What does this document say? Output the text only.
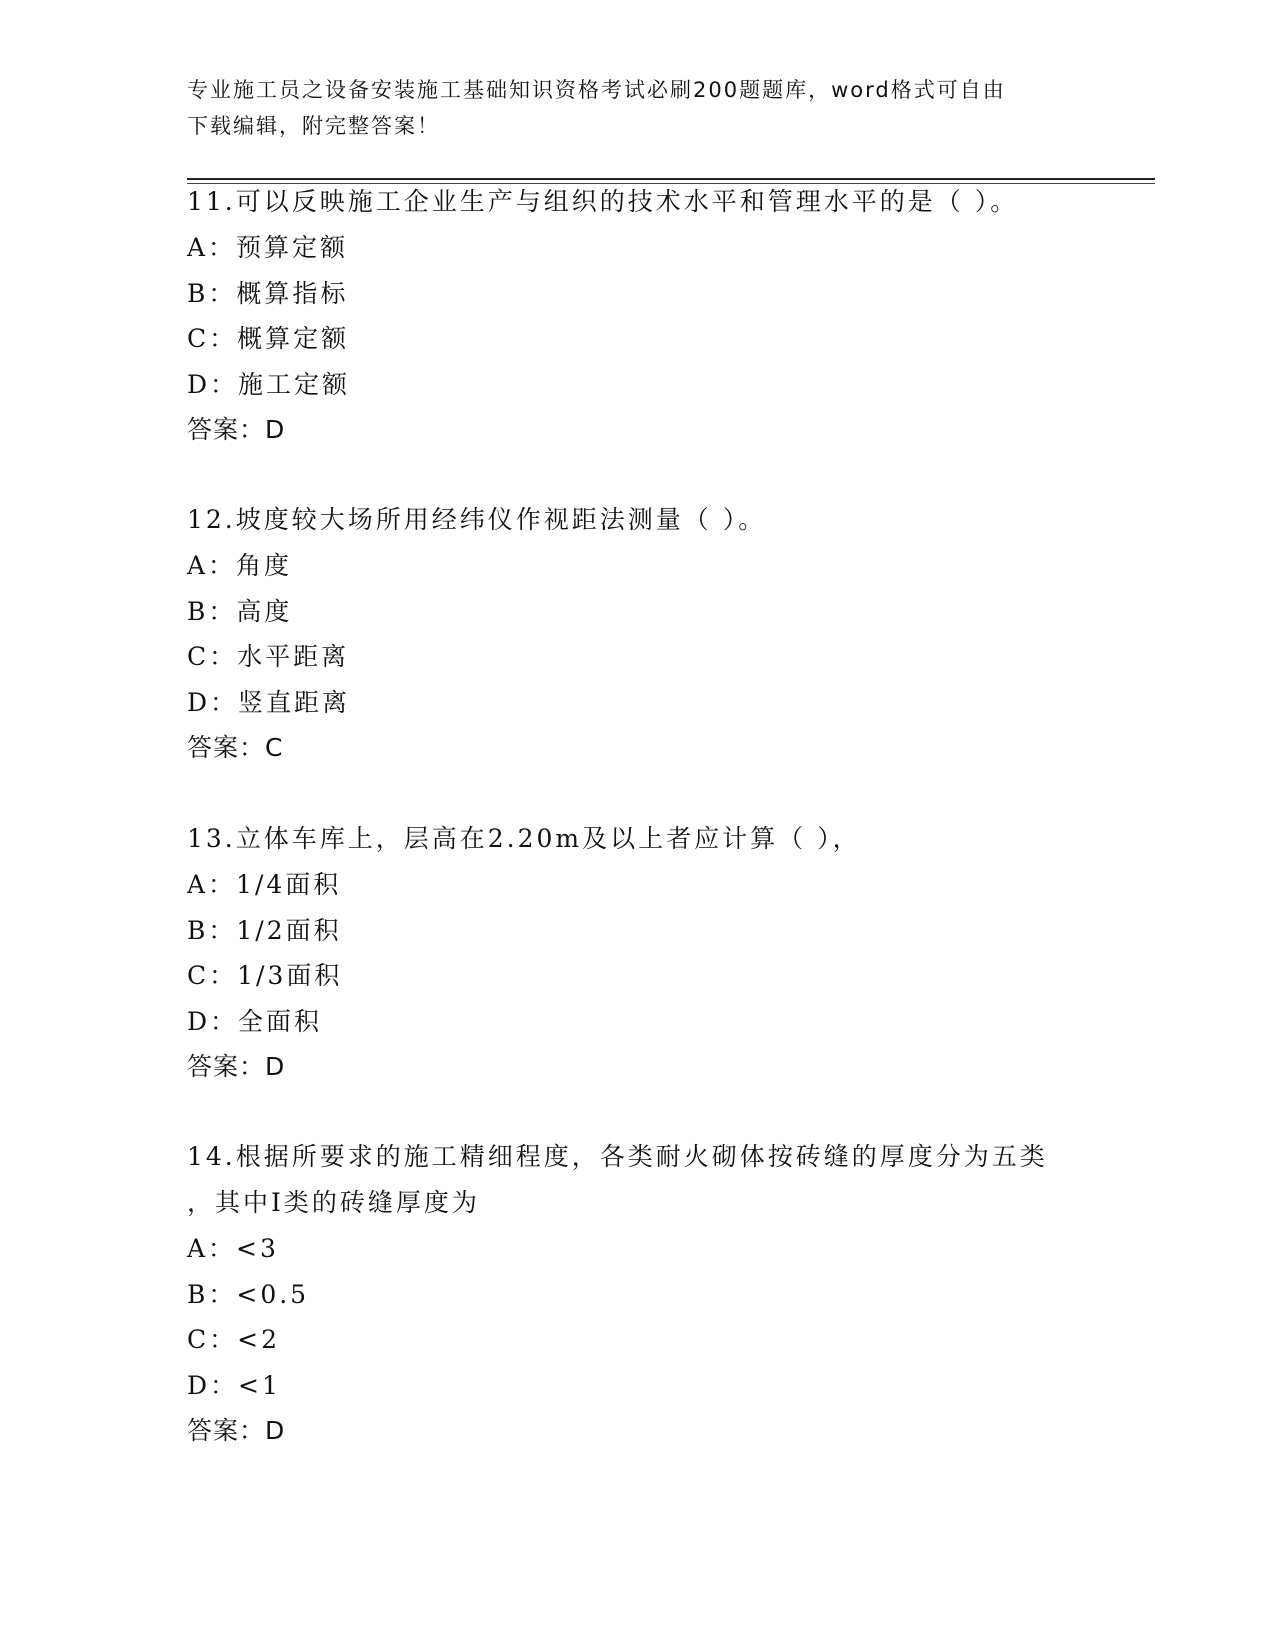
专业施工员之设备安装施工基础知识资格考试必刷200题题库，word格式可自由
下载编辑，附完整答案！
11.可以反映施工企业生产与组织的技术水平和管理水平的是（ ）。
A：预算定额
B：概算指标
C：概算定额
D：施工定额
答案：D
12.坡度较大场所用经纬仪作视距法测量（ ）。
A：角度
B：高度
C：水平距离
D：竖直距离
答案：C
13.立体车库上，层高在2.20m及以上者应计算（ ），
A：1/4面积
B：1/2面积
C：1/3面积
D：全面积
答案：D
14.根据所要求的施工精细程度，各类耐火砌体按砖缝的厚度分为五类
，其中I类的砖缝厚度为
A：<3
B：<0.5
C：<2
D：<1
答案：D
